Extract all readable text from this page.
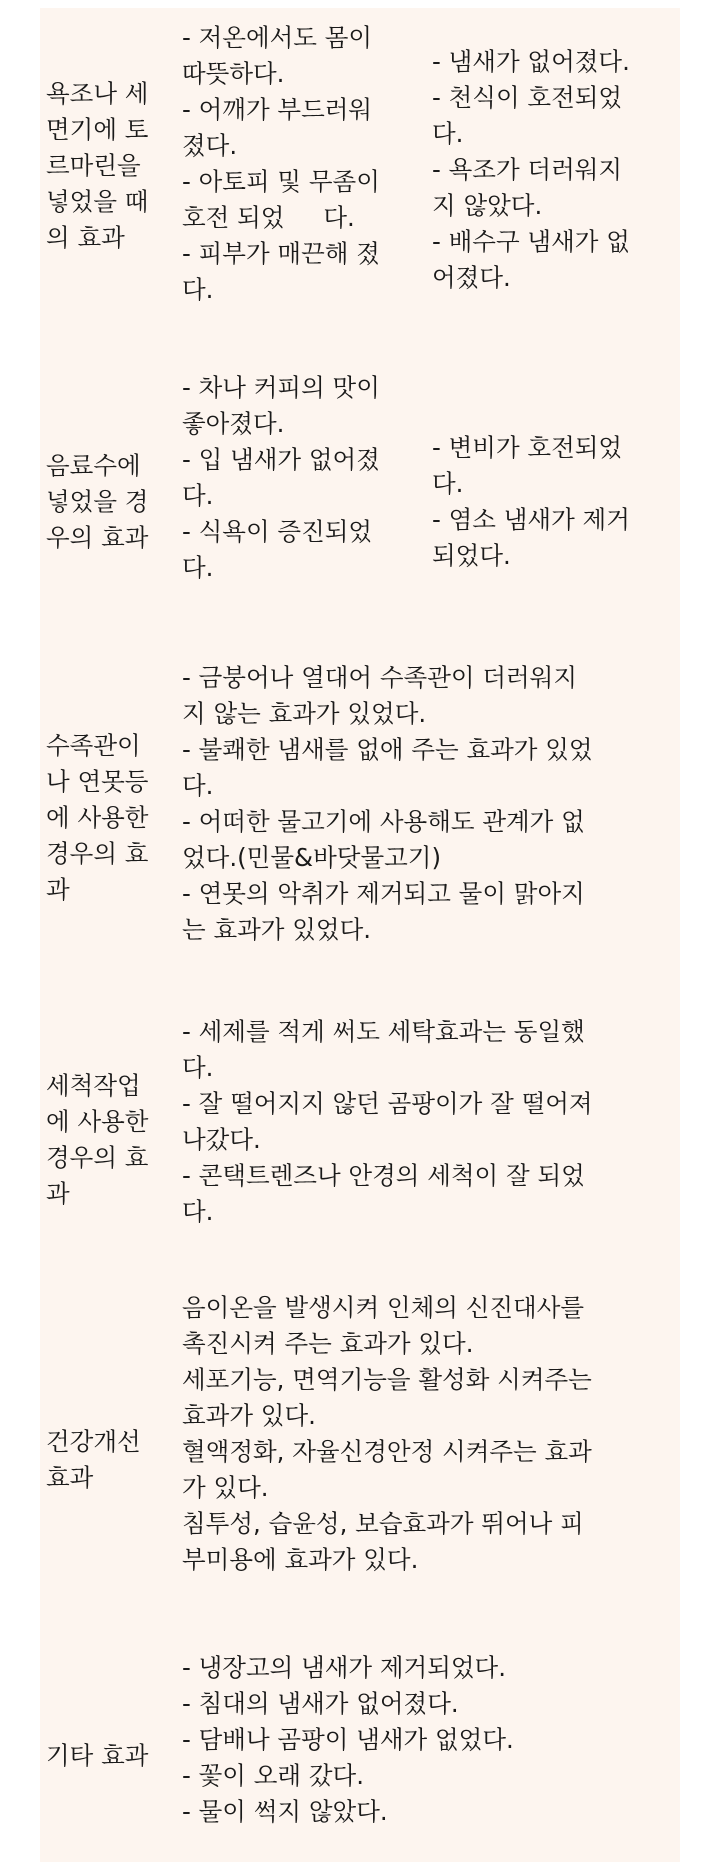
욕조나 세
면기에 토
르마린을
넣었을 때
의 효과
- 저온에서도 몸이
따뜻하다.
- 어깨가 부드러워
졌다.
- 아토피 및 무좀이
호전 되었     다.
- 피부가 매끈해 졌
다.
- 냄새가 없어졌다.
- 천식이 호전되었
다.
- 욕조가 더러워지
지 않았다.
- 배수구 냄새가 없
어졌다.
음료수에
넣었을 경
우의 효과
- 차나 커피의 맛이
좋아졌다.
- 입 냄새가 없어졌
다.
- 식욕이 증진되었
다.
- 변비가 호전되었
다.
- 염소 냄새가 제거
되었다.
수족관이
나 연못등
에 사용한
경우의 효
과
- 금붕어나 열대어 수족관이 더러워지
지 않는 효과가 있었다.
- 불쾌한 냄새를 없애 주는 효과가 있었
다.
- 어떠한 물고기에 사용해도 관계가 없
었다.(민물&바닷물고기)
- 연못의 악취가 제거되고 물이 맑아지
는 효과가 있었다.
세척작업
에 사용한
경우의 효
과
- 세제를 적게 써도 세탁효과는 동일했
다.
- 잘 떨어지지 않던 곰팡이가 잘 떨어져
나갔다.
- 콘택트렌즈나 안경의 세척이 잘 되었
다.
건강개선
효과
음이온을 발생시켜 인체의 신진대사를
촉진시켜 주는 효과가 있다.
세포기능, 면역기능을 활성화 시켜주는
효과가 있다.
혈액정화, 자율신경안정 시켜주는 효과
가 있다.
침투성, 습윤성, 보습효과가 뛰어나 피
부미용에 효과가 있다.
기타 효과
- 냉장고의 냄새가 제거되었다.
- 침대의 냄새가 없어졌다.
- 담배나 곰팡이 냄새가 없었다.
- 꽃이 오래 갔다.
- 물이 썩지 않았다.
